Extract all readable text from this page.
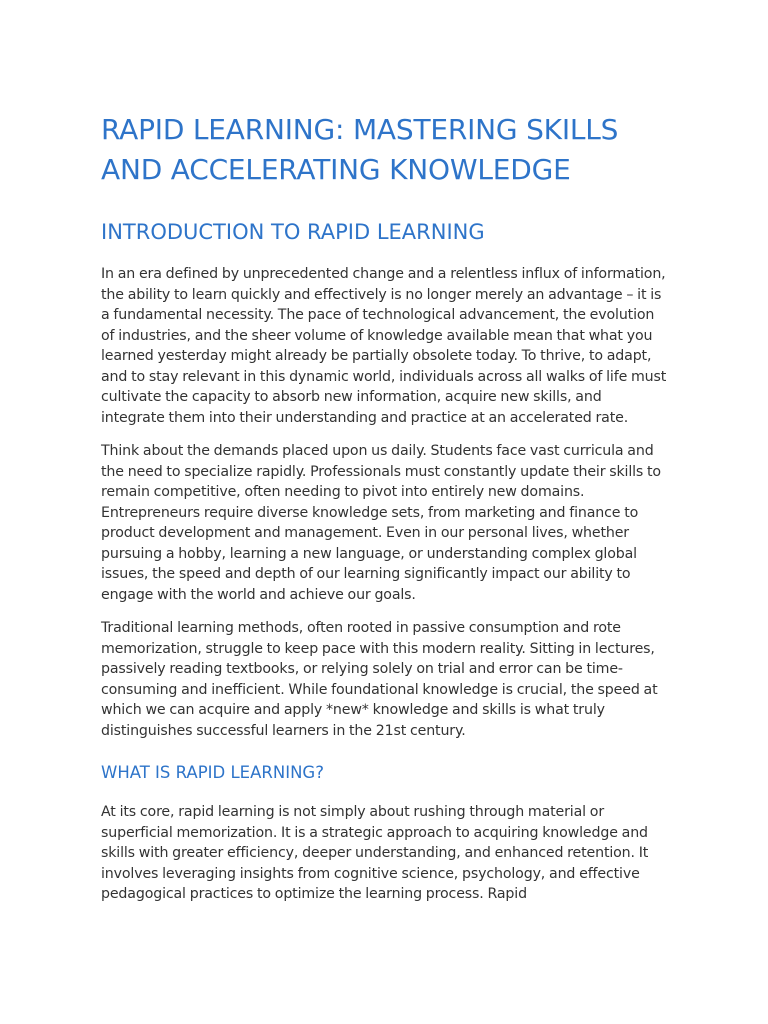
RAPID LEARNING: MASTERING SKILLS AND ACCELERATING KNOWLEDGE
INTRODUCTION TO RAPID LEARNING

In an era defined by unprecedented change and a relentless influx of information, the ability to learn quickly and effectively is no longer merely an advantage – it is a fundamental necessity. The pace of technological advancement, the evolution of industries, and the sheer volume of knowledge available mean that what you learned yesterday might already be partially obsolete today. To thrive, to adapt, and to stay relevant in this dynamic world, individuals across all walks of life must cultivate the capacity to absorb new information, acquire new skills, and integrate them into their understanding and practice at an accelerated rate.

Think about the demands placed upon us daily. Students face vast curricula and the need to specialize rapidly. Professionals must constantly update their skills to remain competitive, often needing to pivot into entirely new domains. Entrepreneurs require diverse knowledge sets, from marketing and finance to product development and management. Even in our personal lives, whether pursuing a hobby, learning a new language, or understanding complex global issues, the speed and depth of our learning significantly impact our ability to engage with the world and achieve our goals.

Traditional learning methods, often rooted in passive consumption and rote memorization, struggle to keep pace with this modern reality. Sitting in lectures, passively reading textbooks, or relying solely on trial and error can be time-consuming and inefficient. While foundational knowledge is crucial, the speed at which we can acquire and apply *new* knowledge and skills is what truly distinguishes successful learners in the 21st century.

WHAT IS RAPID LEARNING?

At its core, rapid learning is not simply about rushing through material or superficial memorization. It is a strategic approach to acquiring knowledge and skills with greater efficiency, deeper understanding, and enhanced retention. It involves leveraging insights from cognitive science, psychology, and effective pedagogical practices to optimize the learning process. Rapid
